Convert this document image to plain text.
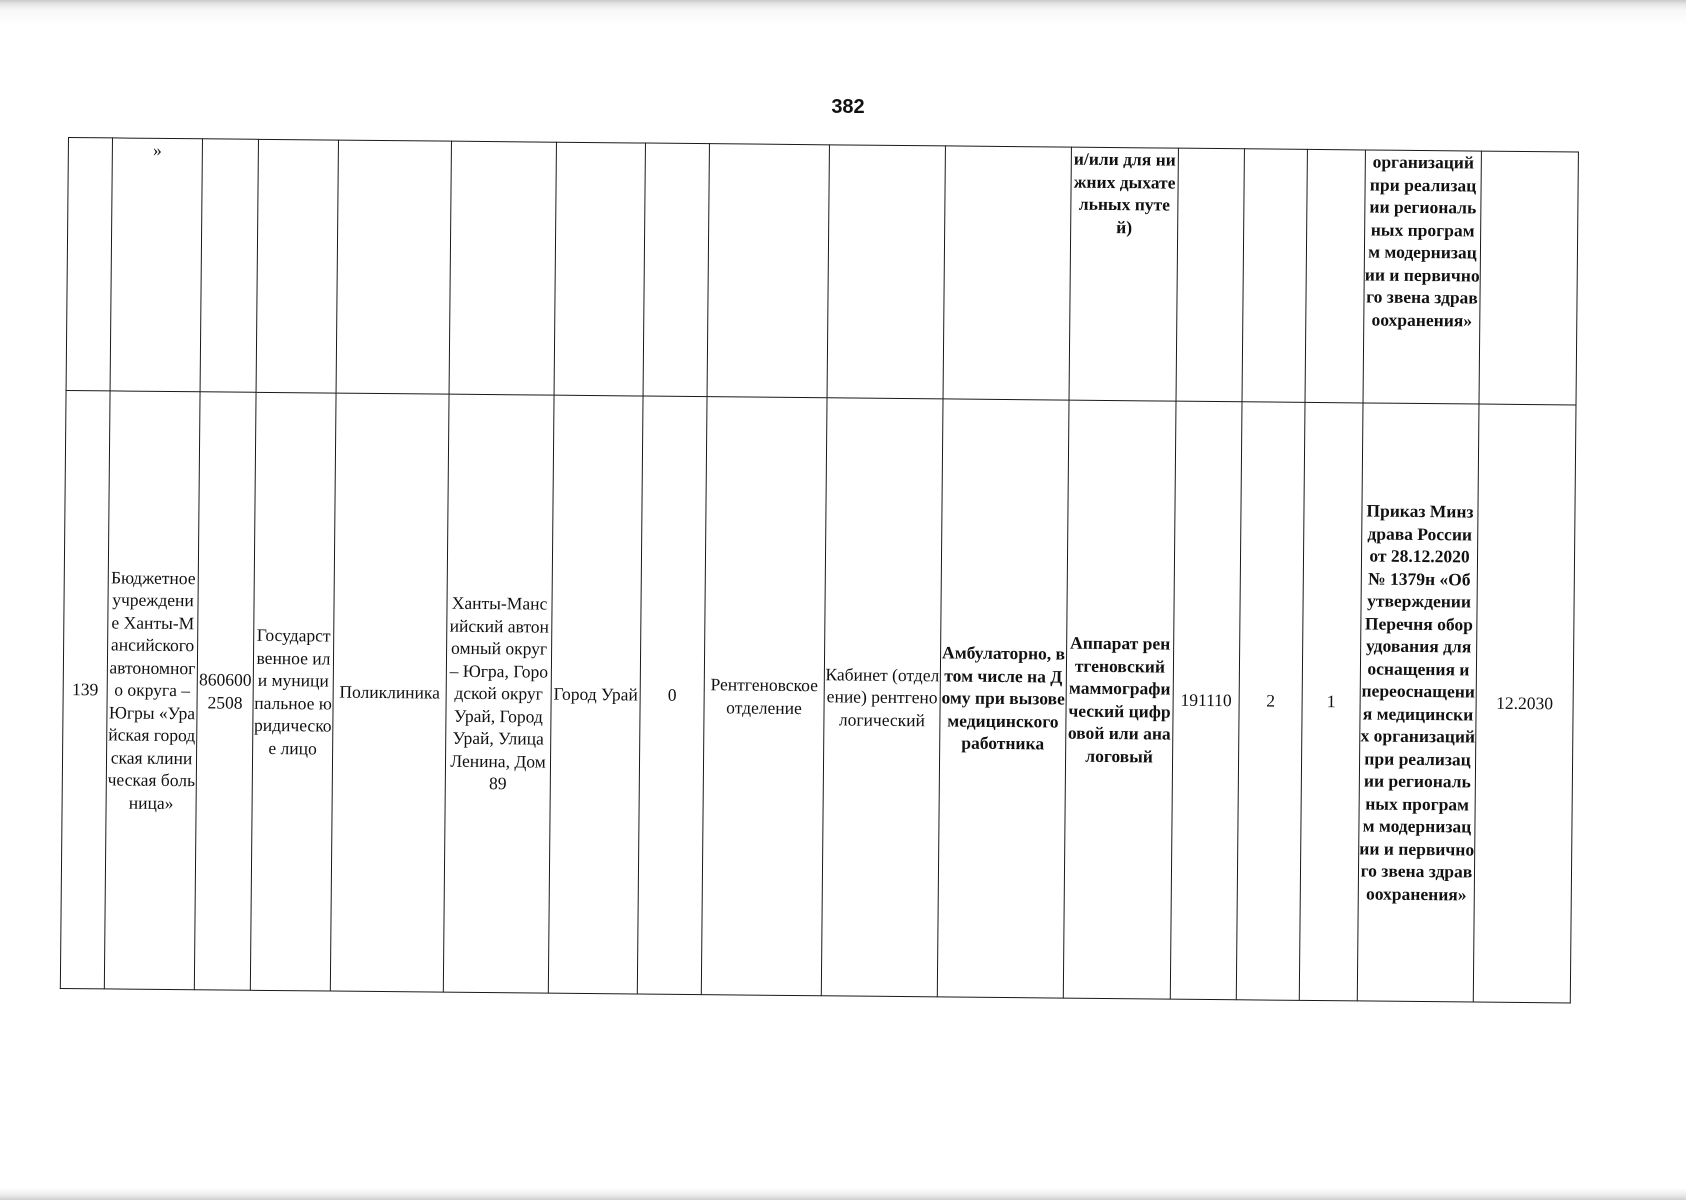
382
	»										и/или для нижних дыхательных путей)				организаций при реализации региональных программ модернизации и первичного звена здравоохранения»	
139	Бюджетное учреждение Ханты-Мансийского автономного округа – Югры «Урайская городская клиническая больница»	8606002508	Государственное или муниципальное юридическое лицо	Поликлиника	Ханты-Мансийский автономный округ – Югра, Городской округ Урай, Город Урай, Улица Ленина, Дом 89	Город Урай	0	Рентгеновское отделение	Кабинет (отделение) рентгенологический	Амбулаторно, в том числе на Дому при вызове медицинского работника	Аппарат рентгеновский маммографический цифровой или аналоговый	191110	2	1	Приказ Минздрава России от 28.12.2020 № 1379н «Об утверждении Перечня оборудования для оснащения и переоснащения медицинских организаций при реализации региональных программ модернизации и первичного звена здравоохранения»	12.2030
